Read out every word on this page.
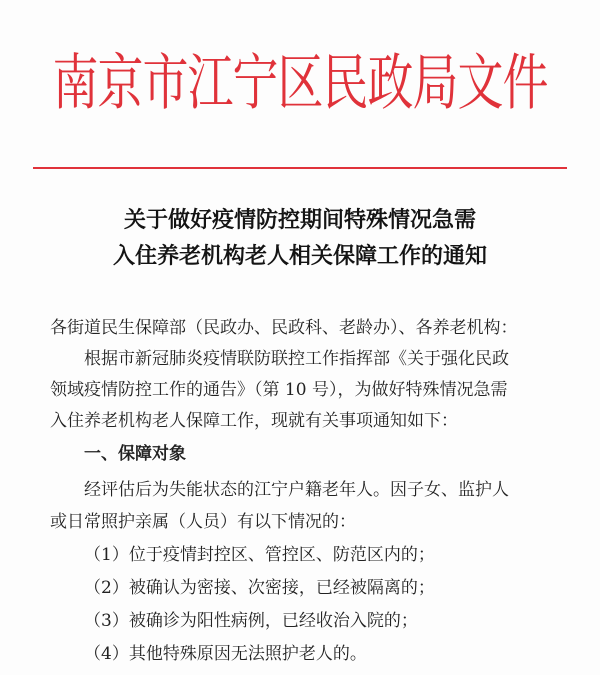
南京市江宁区民政局文件
关于做好疫情防控期间特殊情况急需
入住养老机构老人相关保障工作的通知
各街道民生保障部（民政办、民政科、老龄办）、各养老机构：
根据市新冠肺炎疫情联防联控工作指挥部《关于强化民政
领域疫情防控工作的通告》（第 10 号），为做好特殊情况急需
入住养老机构老人保障工作，现就有关事项通知如下：
一、保障对象
经评估后为失能状态的江宁户籍老年人。因子女、监护人
或日常照护亲属（人员）有以下情况的：
（1）位于疫情封控区、管控区、防范区内的；
（2）被确认为密接、次密接，已经被隔离的；
（3）被确诊为阳性病例，已经收治入院的；
（4）其他特殊原因无法照护老人的。
